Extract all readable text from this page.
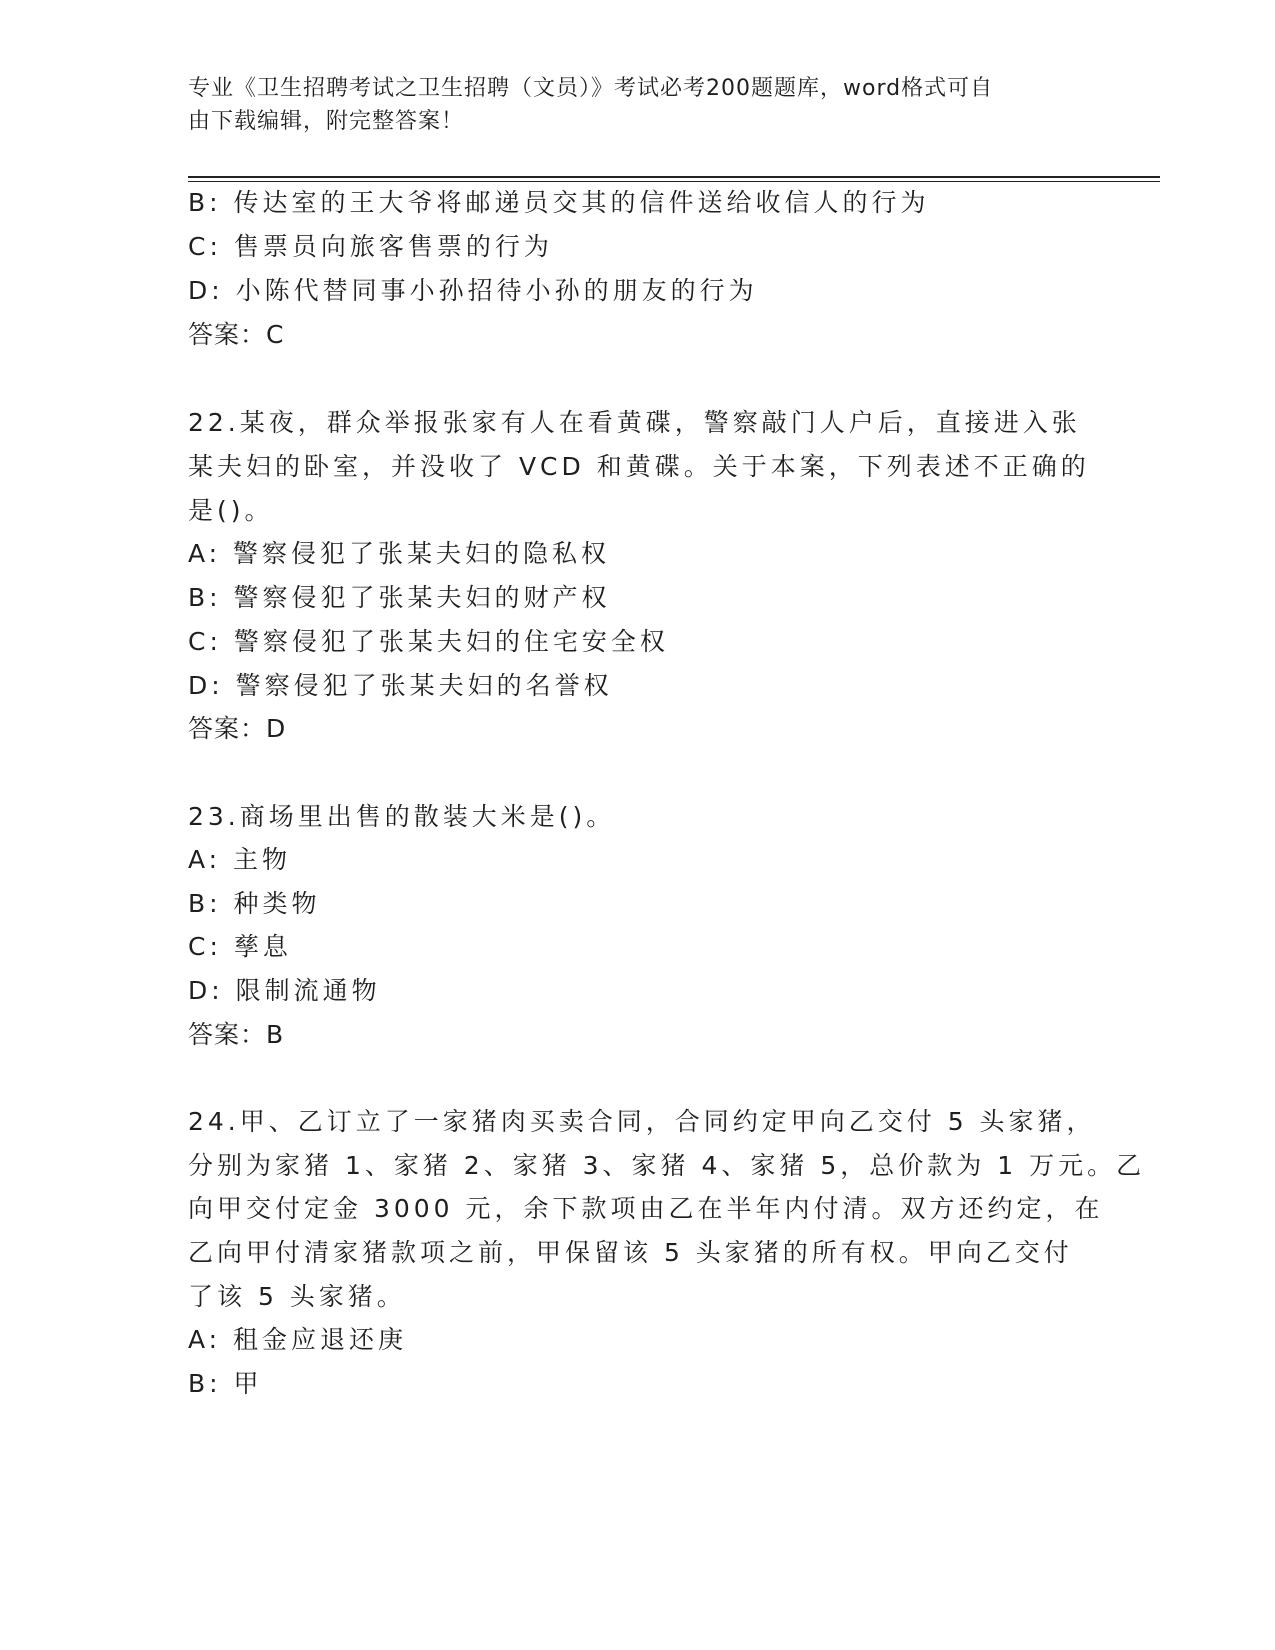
专业《卫生招聘考试之卫生招聘（文员）》考试必考200题题库，word格式可自
由下载编辑，附完整答案！
B: 传达室的王大爷将邮递员交其的信件送给收信人的行为
C: 售票员向旅客售票的行为
D: 小陈代替同事小孙招待小孙的朋友的行为
答案：C
22.某夜，群众举报张家有人在看黄碟，警察敲门人户后，直接进入张
某夫妇的卧室，并没收了 VCD 和黄碟。关于本案，下列表述不正确的
是()。
A: 警察侵犯了张某夫妇的隐私权
B: 警察侵犯了张某夫妇的财产权
C: 警察侵犯了张某夫妇的住宅安全权
D: 警察侵犯了张某夫妇的名誉权
答案：D
23.商场里出售的散装大米是()。
A: 主物
B: 种类物
C: 孳息
D: 限制流通物
答案：B
24.甲、乙订立了一家猪肉买卖合同，合同约定甲向乙交付 5 头家猪，
分别为家猪 1、家猪 2、家猪 3、家猪 4、家猪 5，总价款为 1 万元。乙
向甲交付定金 3000 元，余下款项由乙在半年内付清。双方还约定，在
乙向甲付清家猪款项之前，甲保留该 5 头家猪的所有权。甲向乙交付
了该 5 头家猪。
A: 租金应退还庚
B: 甲
